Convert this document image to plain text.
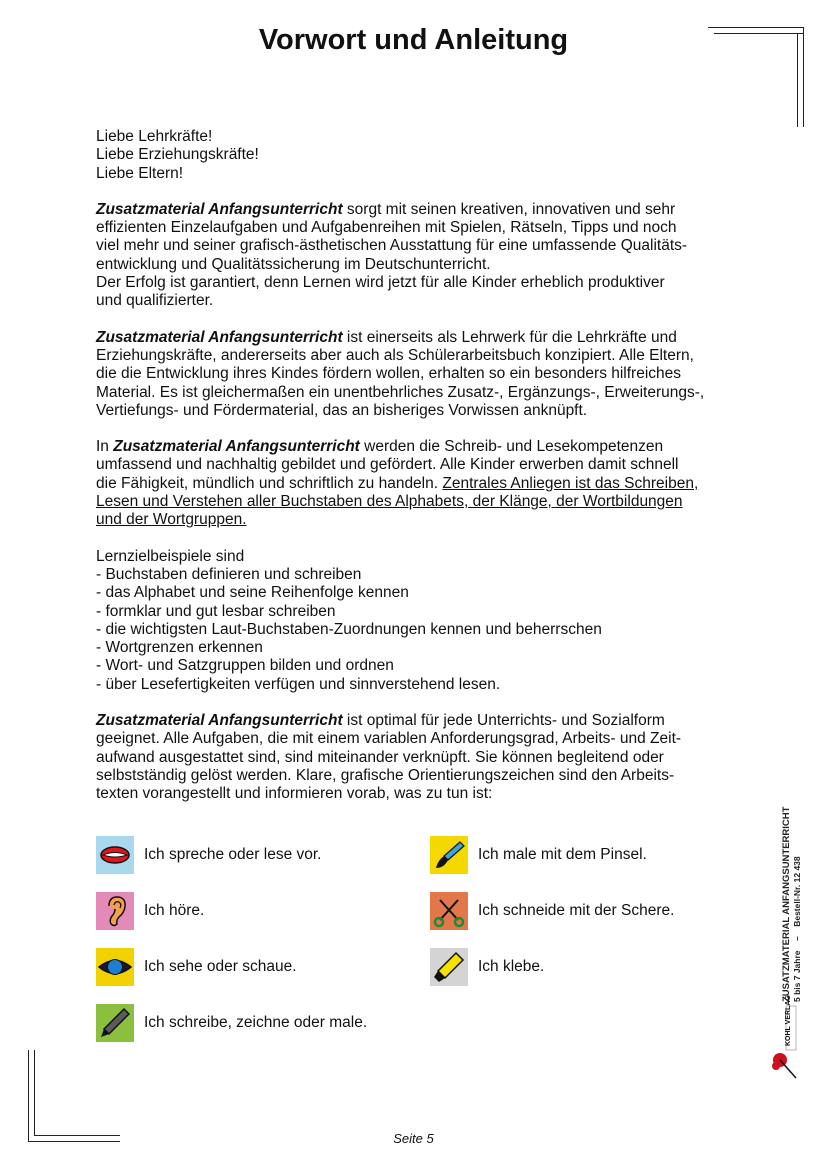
Vorwort und Anleitung

Liebe Lehrkräfte!
Liebe Erziehungskräfte!
Liebe Eltern!

Zusatzmaterial Anfangsunterricht sorgt mit seinen kreativen, innovativen und sehr
effizienten Einzelaufgaben und Aufgabenreihen mit Spielen, Rätseln, Tipps und noch
viel mehr und seiner grafisch-ästhetischen Ausstattung für eine umfassende Qualitäts-
entwicklung und Qualitätssicherung im Deutschunterricht.
Der Erfolg ist garantiert, denn Lernen wird jetzt für alle Kinder erheblich produktiver
und qualifizierter.

Zusatzmaterial Anfangsunterricht ist einerseits als Lehrwerk für die Lehrkräfte und
Erziehungskräfte, andererseits aber auch als Schülerarbeitsbuch konzipiert. Alle Eltern,
die die Entwicklung ihres Kindes fördern wollen, erhalten so ein besonders hilfreiches
Material. Es ist gleichermaßen ein unentbehrliches Zusatz-, Ergänzungs-, Erweiterungs-,
Vertiefungs- und Fördermaterial, das an bisheriges Vorwissen anknüpft.

In Zusatzmaterial Anfangsunterricht werden die Schreib- und Lesekompetenzen
umfassend und nachhaltig gebildet und gefördert. Alle Kinder erwerben damit schnell
die Fähigkeit, mündlich und schriftlich zu handeln. Zentrales Anliegen ist das Schreiben,
Lesen und Verstehen aller Buchstaben des Alphabets, der Klänge, der Wortbildungen
und der Wortgruppen.

Lernzielbeispiele sind
- Buchstaben definieren und schreiben
- das Alphabet und seine Reihenfolge kennen
- formklar und gut lesbar schreiben
- die wichtigsten Laut-Buchstaben-Zuordnungen kennen und beherrschen
- Wortgrenzen erkennen
- Wort- und Satzgruppen bilden und ordnen
- über Lesefertigkeiten verfügen und sinnverstehend lesen.

Zusatzmaterial Anfangsunterricht ist optimal für jede Unterrichts- und Sozialform
geeignet. Alle Aufgaben, die mit einem variablen Anforderungsgrad, Arbeits- und Zeit-
aufwand ausgestattet sind, sind miteinander verknüpft. Sie können begleitend oder
selbstständig gelöst werden. Klare, grafische Orientierungszeichen sind den Arbeits-
texten vorangestellt und informieren vorab, was zu tun ist:

Ich spreche oder lese vor.	Ich male mit dem Pinsel.
Ich höre.	Ich schneide mit der Schere.
Ich sehe oder schaue.	Ich klebe.
Ich schreibe, zeichne oder male.
ZUSATZMATERIAL ANFANGSUNTERRICHT 5 bis 7 Jahre    –    Bestell-Nr. 12 438
KOHL VERLAG
Seite 5
